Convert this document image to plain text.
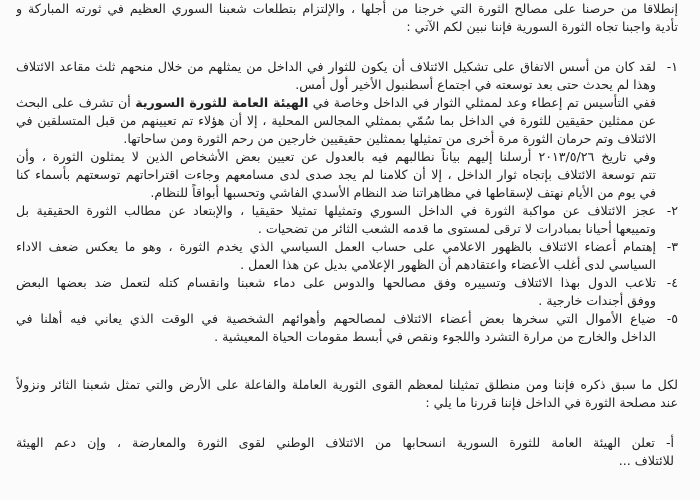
إنطلاقا من حرصنا على مصالح الثورة التي خرجنا من أجلها ، والإلتزام بتطلعات شعبنا السوري العظيم في ثورته المباركة و
تأدية واجبنا تجاه الثورة السورية فإننا نبين لكم الآتي :
١-
لقد كان من أسس الاتفاق على تشكيل الائتلاف أن يكون للثوار في الداخل من يمثلهم من خلال منحهم ثلث مقاعد الائتلاف
وهذا لم يحدث حتى بعد توسعته في اجتماع أسطنبول الأخير أول أمس.
ففي التأسيس تم إعطاء وعد لممثلي الثوار في الداخل وخاصة في الهيئة العامة للثورة السورية أن تشرف على البحث
عن ممثلين حقيقين للثورة في الداخل بما سُمّي بممثلي المجالس المحلية ، إلا أن هؤلاء تم تعيينهم من قبل المتسلقين في
الائتلاف وتم حرمان الثورة مرة أخرى من تمثيلها بممثلين حقيقيين خارجين من رحم الثورة ومن ساحاتها.
وفي تاريخ ٢٠١٣/٥/٢٦ أرسلنا إليهم بياناً نطالبهم فيه بالعدول عن تعيين بعض الأشخاص الذين لا يمثلون الثورة ، وأن
تتم توسعة الائتلاف بإتجاه ثوار الداخل ، إلا أن كلامنا لم يجد صدى لدى مسامعهم وجاءت اقتراحاتهم توسعتهم بأسماء كنا
في يوم من الأيام نهتف لإسقاطها في مظاهراتنا ضد النظام الأسدي الفاشي وتحسبها أبواقاً للنظام.
٢-
عجز الائتلاف عن مواكبة الثورة في الداخل السوري وتمثيلها تمثيلا حقيقيا ، والإبتعاد عن مطالب الثورة الحقيقية بل
وتمييعها أحيانا بمبادرات لا ترقى لمستوى ما قدمه الشعب الثائر من تضحيات .
٣-
إهتمام أعضاء الائتلاف بالظهور الاعلامي على حساب العمل السياسي الذي يخدم الثورة ، وهو ما يعكس ضعف الاداء
السياسي لدى أغلب الأعضاء واعتقادهم أن الظهور الإعلامي بديل عن هذا العمل .
٤-
تلاعب الدول بهذا الائتلاف وتسييره وفق مصالحها والدوس على دماء شعبنا وانقسام كتله لتعمل ضد بعضها البعض
ووفق أجندات خارجية .
٥-
ضياع الأموال التي سخرها بعض أعضاء الائتلاف لمصالحهم وأهوائهم الشخصية في الوقت الذي يعاني فيه أهلنا في
الداخل والخارج من مرارة التشرد واللجوء ونقص في أبسط مقومات الحياة المعيشية .
لكل ما سبق ذكره فإننا ومن منطلق تمثيلنا لمعظم القوى الثورية العاملة والفاعلة على الأرض والتي تمثل شعبنا الثائر ونزولاً
عند مصلحة الثورة في الداخل فإننا قررنا ما يلي :
أ- تعلن الهيئة العامة للثورة السورية انسحابها من الائتلاف الوطني لقوى الثورة والمعارضة ، وإن دعم الهيئة
للائتلاف ...
